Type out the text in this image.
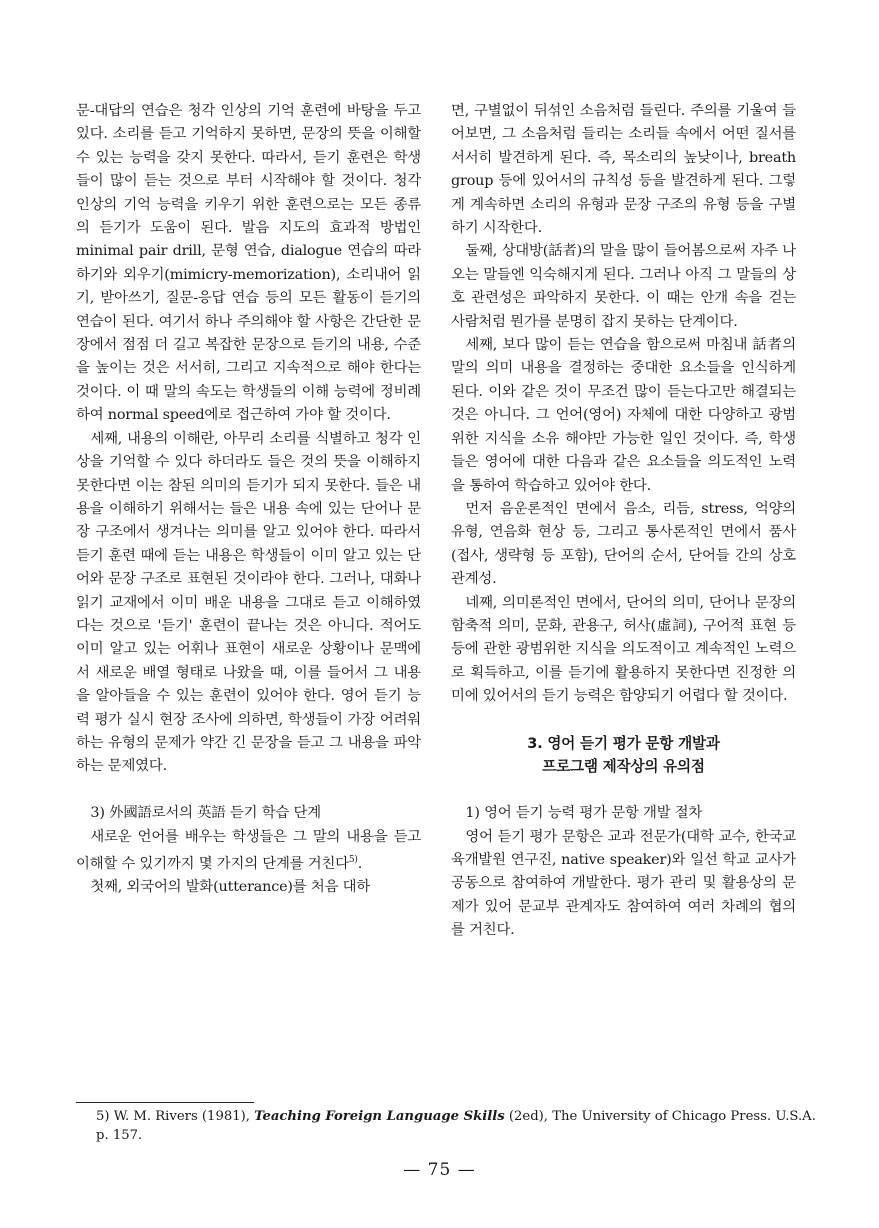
문-대답의 연습은 청각 인상의 기억 훈련에 바탕을 두고 있다. 소리를 듣고 기억하지 못하면, 문장의 뜻을 이해할 수 있는 능력을 갖지 못한다. 따라서, 듣기 훈련은 학생들이 많이 듣는 것으로 부터 시작해야 할 것이다. 청각 인상의 기억 능력을 키우기 위한 훈련으로는 모든 종류의 듣기가 도움이 된다. 발음 지도의 효과적 방법인 minimal pair drill, 문형 연습, dialogue 연습의 따라 하기와 외우기(mimicry-memorization), 소리내어 읽기, 받아쓰기, 질문-응답 연습 등의 모든 활동이 듣기의 연습이 된다. 여기서 하나 주의해야 할 사항은 간단한 문장에서 점점 더 길고 복잡한 문장으로 듣기의 내용, 수준을 높이는 것은 서서히, 그리고 지속적으로 해야 한다는 것이다. 이 때 말의 속도는 학생들의 이해 능력에 정비례하여 normal speed에로 접근하여 가야 할 것이다.

세째, 내용의 이해란, 아무리 소리를 식별하고 청각 인상을 기억할 수 있다 하더라도 들은 것의 뜻을 이해하지 못한다면 이는 참된 의미의 듣기가 되지 못한다. 들은 내용을 이해하기 위해서는 들은 내용 속에 있는 단어나 문장 구조에서 생겨나는 의미를 알고 있어야 한다. 따라서 듣기 훈련 때에 듣는 내용은 학생들이 이미 알고 있는 단어와 문장 구조로 표현된 것이라야 한다. 그러나, 대화나 읽기 교재에서 이미 배운 내용을 그대로 듣고 이해하였다는 것으로 '듣기' 훈련이 끝나는 것은 아니다. 적어도 이미 알고 있는 어휘나 표현이 새로운 상황이나 문맥에서 새로운 배열 형태로 나왔을 때, 이를 들어서 그 내용을 알아들을 수 있는 훈련이 있어야 한다. 영어 듣기 능력 평가 실시 현장 조사에 의하면, 학생들이 가장 어려워 하는 유형의 문제가 약간 긴 문장을 듣고 그 내용을 파악하는 문제였다.

3) 外國語로서의 英語 듣기 학습 단계

새로운 언어를 배우는 학생들은 그 말의 내용을 듣고 이해할 수 있기까지 몇 가지의 단계를 거친다$^{5)}$.

첫째, 외국어의 발화(utterance)를 처음 대하

면, 구별없이 뒤섞인 소음처럼 들린다. 주의를 기울여 들어보면, 그 소음처럼 들리는 소리들 속에서 어떤 질서를 서서히 발견하게 된다. 즉, 목소리의 높낮이나, breath group 등에 있어서의 규칙성 등을 발견하게 된다. 그렇게 계속하면 소리의 유형과 문장 구조의 유형 등을 구별하기 시작한다.

둘째, 상대방(話者)의 말을 많이 들어봄으로써 자주 나오는 말들엔 익숙해지게 된다. 그러나 아직 그 말들의 상호 관련성은 파악하지 못한다. 이 때는 안개 속을 걷는 사람처럼 뭔가를 분명히 잡지 못하는 단계이다.

세째, 보다 많이 듣는 연습을 함으로써 마침내 話者의 말의 의미 내용을 결정하는 중대한 요소들을 인식하게 된다. 이와 같은 것이 무조건 많이 듣는다고만 해결되는 것은 아니다. 그 언어(영어) 자체에 대한 다양하고 광범위한 지식을 소유 해야만 가능한 일인 것이다. 즉, 학생들은 영어에 대한 다음과 같은 요소들을 의도적인 노력을 통하여 학습하고 있어야 한다.

먼저 음운론적인 면에서 음소, 리듬, stress, 억양의 유형, 연음화 현상 등, 그리고 통사론적인 면에서 품사 (접사, 생략형 등 포함), 단어의 순서, 단어들 간의 상호 관계성.

네째, 의미론적인 면에서, 단어의 의미, 단어나 문장의 함축적 의미, 문화, 관용구, 허사(虛詞), 구어적 표현 등등에 관한 광범위한 지식을 의도적이고 계속적인 노력으로 획득하고, 이를 듣기에 활용하지 못한다면 진정한 의미에 있어서의 듣기 능력은 함양되기 어렵다 할 것이다.

3. 영어 듣기 평가 문항 개발과
프로그램 제작상의 유의점

1) 영어 듣기 능력 평가 문항 개발 절차

영어 듣기 평가 문항은 교과 전문가(대학 교수, 한국교육개발원 연구진, native speaker)와 일선 학교 교사가 공동으로 참여하여 개발한다. 평가 관리 및 활용상의 문제가 있어 문교부 관계자도 참여하여 여러 차례의 협의를 거친다.

5) W. M. Rivers (1981), Teaching Foreign Language Skills (2ed), The University of Chicago Press. U.S.A. p. 157.
— 75 —
